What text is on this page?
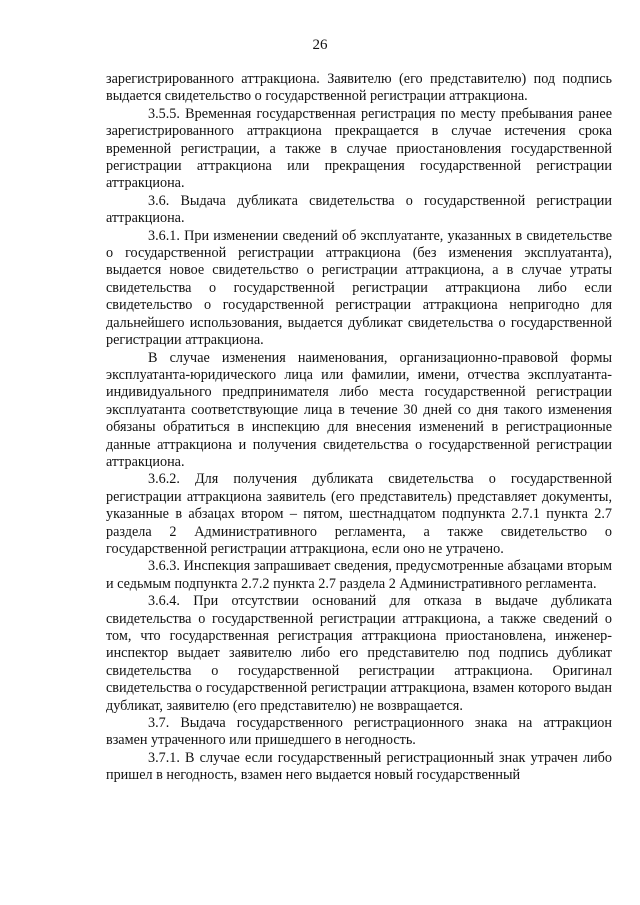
26

зарегистрированного аттракциона. Заявителю (его представителю) под подпись выдается свидетельство о государственной регистрации аттракциона.

3.5.5. Временная государственная регистрация по месту пребывания ранее зарегистрированного аттракциона прекращается в случае истечения срока временной регистрации, а также в случае приостановления государственной регистрации аттракциона или прекращения государственной регистрации аттракциона.

3.6. Выдача дубликата свидетельства о государственной регистрации аттракциона.

3.6.1. При изменении сведений об эксплуатанте, указанных в свидетельстве о государственной регистрации аттракциона (без изменения эксплуатанта), выдается новое свидетельство о регистрации аттракциона, а в случае утраты свидетельства о государственной регистрации аттракциона либо если свидетельство о государственной регистрации аттракциона непригодно для дальнейшего использования, выдается дубликат свидетельства о государственной регистрации аттракциона.

В случае изменения наименования, организационно-правовой формы эксплуатанта-юридического лица или фамилии, имени, отчества эксплуатанта-индивидуального предпринимателя либо места государственной регистрации эксплуатанта соответствующие лица в течение 30 дней со дня такого изменения обязаны обратиться в инспекцию для внесения изменений в регистрационные данные аттракциона и получения свидетельства о государственной регистрации аттракциона.

3.6.2. Для получения дубликата свидетельства о государственной регистрации аттракциона заявитель (его представитель) представляет документы, указанные в абзацах втором – пятом, шестнадцатом подпункта 2.7.1 пункта 2.7 раздела 2 Административного регламента, а также свидетельство о государственной регистрации аттракциона, если оно не утрачено.

3.6.3. Инспекция запрашивает сведения, предусмотренные абзацами вторым и седьмым подпункта 2.7.2 пункта 2.7 раздела 2 Административного регламента.

3.6.4. При отсутствии оснований для отказа в выдаче дубликата свидетельства о государственной регистрации аттракциона, а также сведений о том, что государственная регистрация аттракциона приостановлена, инженер-инспектор выдает заявителю либо его представителю под подпись дубликат свидетельства о государственной регистрации аттракциона. Оригинал свидетельства о государственной регистрации аттракциона, взамен которого выдан дубликат, заявителю (его представителю) не возвращается.

3.7. Выдача государственного регистрационного знака на аттракцион взамен утраченного или пришедшего в негодность.

3.7.1. В случае если государственный регистрационный знак утрачен либо пришел в негодность, взамен него выдается новый государственный
